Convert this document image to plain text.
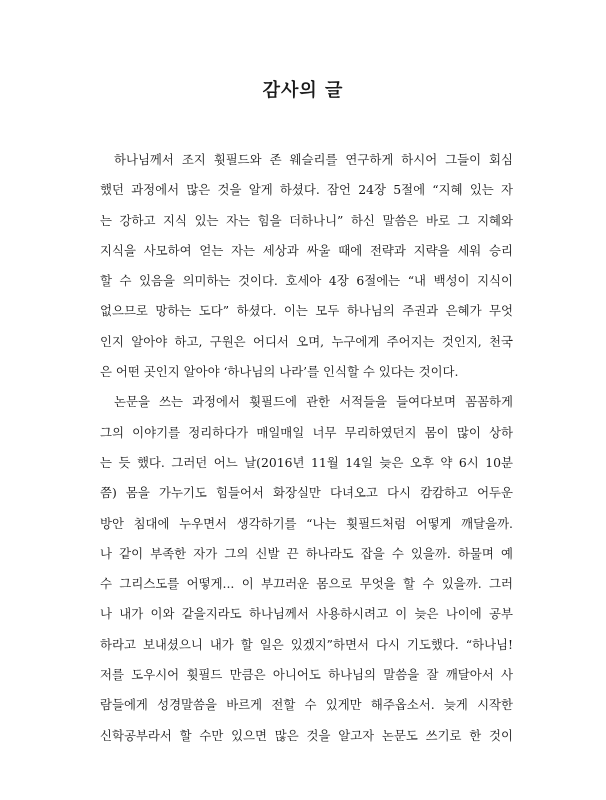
감사의 글

하나님께서 조지 휫필드와 존 웨슬리를 연구하게 하시어 그들이 회심
했던 과정에서 많은 것을 알게 하셨다. 잠언 24장 5절에 “지혜 있는 자
는 강하고 지식 있는 자는 힘을 더하나니” 하신 말씀은 바로 그 지혜와
지식을 사모하여 얻는 자는 세상과 싸울 때에 전략과 지략을 세워 승리
할 수 있음을 의미하는 것이다. 호세아 4장 6절에는 “내 백성이 지식이
없으므로 망하는 도다” 하셨다. 이는 모두 하나님의 주권과 은혜가 무엇
인지 알아야 하고, 구원은 어디서 오며, 누구에게 주어지는 것인지, 천국
은 어떤 곳인지 알아야 ‘하나님의 나라’를 인식할 수 있다는 것이다.

논문을 쓰는 과정에서 휫필드에 관한 서적들을 들여다보며 꼼꼼하게
그의 이야기를 정리하다가 매일매일 너무 무리하였던지 몸이 많이 상하
는 듯 했다. 그러던 어느 날(2016년 11월 14일 늦은 오후 약 6시 10분
쯤) 몸을 가누기도 힘들어서 화장실만 다녀오고 다시 캄캄하고 어두운
방안 침대에 누우면서 생각하기를 “나는 휫필드처럼 어떻게 깨달을까.
나 같이 부족한 자가 그의 신발 끈 하나라도 잡을 수 있을까. 하물며 예
수 그리스도를 어떻게... 이 부끄러운 몸으로 무엇을 할 수 있을까. 그러
나 내가 이와 같을지라도 하나님께서 사용하시려고 이 늦은 나이에 공부
하라고 보내셨으니 내가 할 일은 있겠지”하면서 다시 기도했다. “하나님!
저를 도우시어 휫필드 만큼은 아니어도 하나님의 말씀을 잘 깨달아서 사
람들에게 성경말씀을 바르게 전할 수 있게만 해주옵소서. 늦게 시작한
신학공부라서 할 수만 있으면 많은 것을 알고자 논문도 쓰기로 한 것이
